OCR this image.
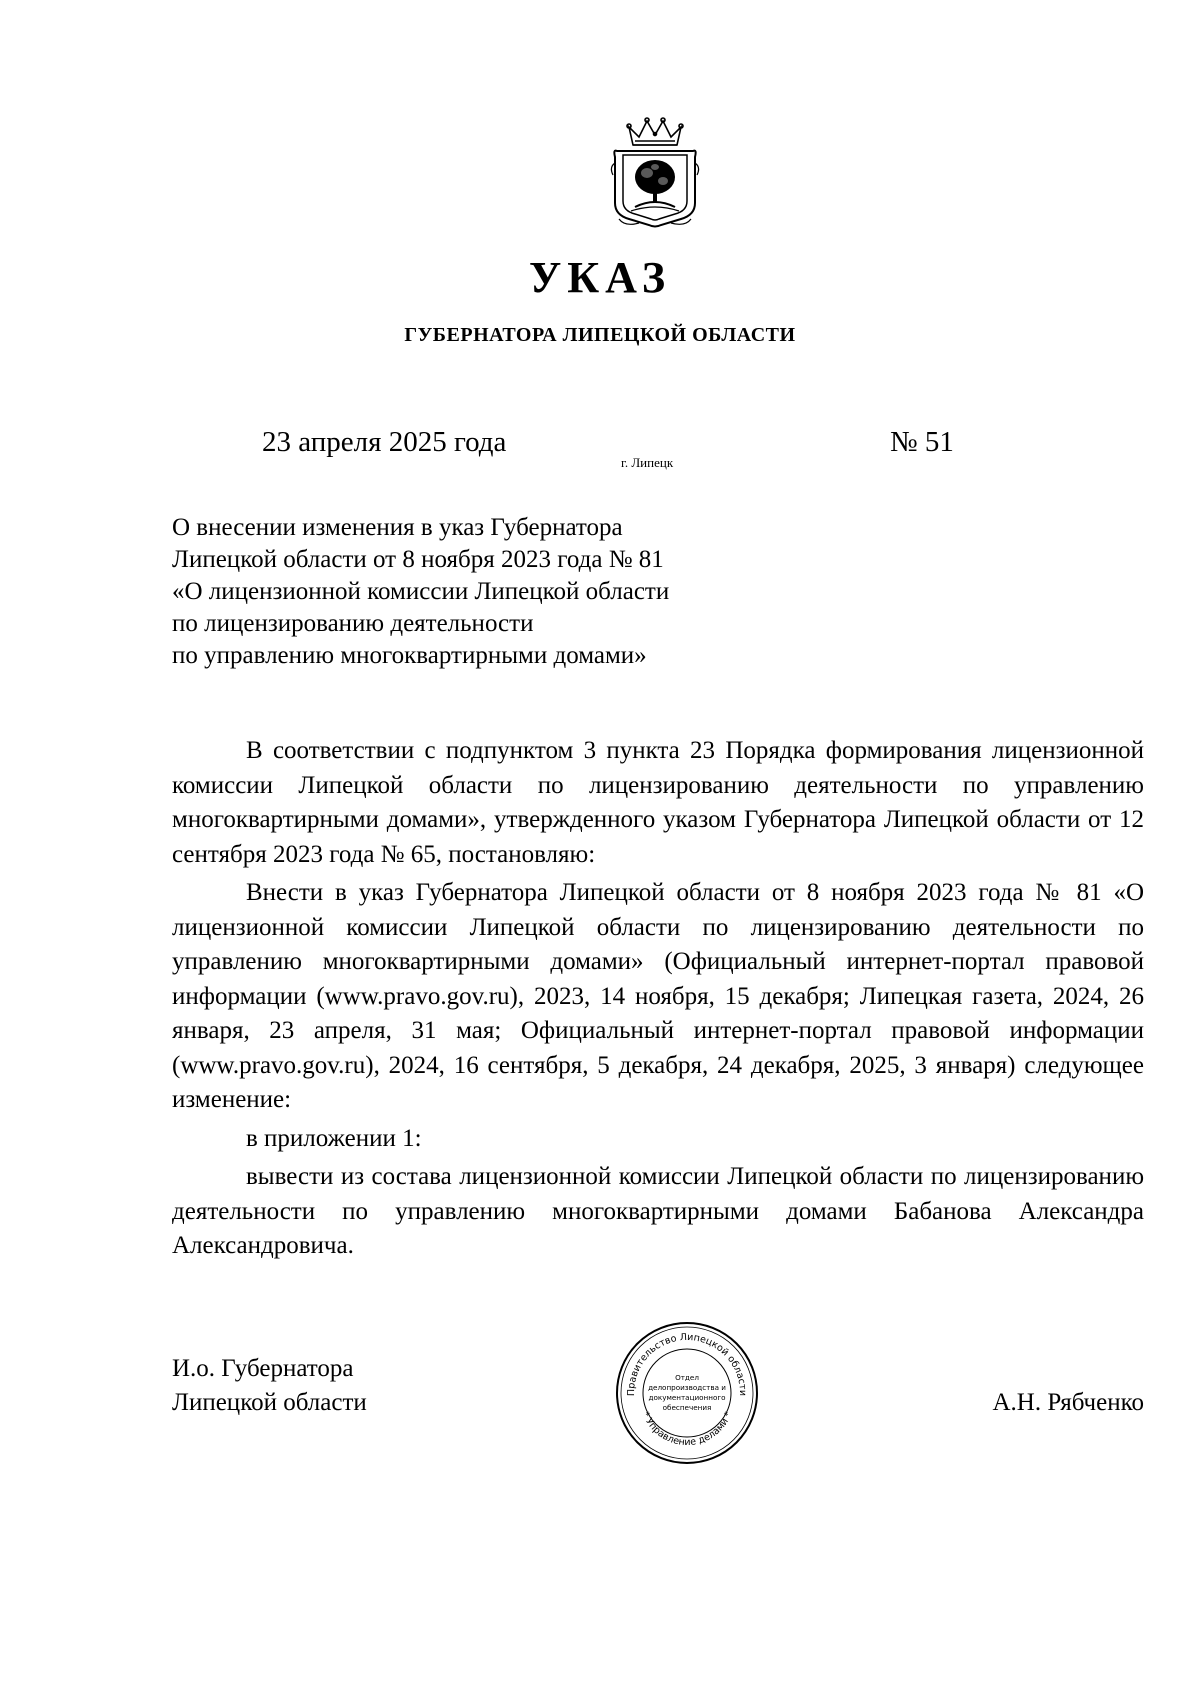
УКАЗ
ГУБЕРНАТОРА ЛИПЕЦКОЙ ОБЛАСТИ
23 апреля 2025 года
г. Липецк
№ 51
О внесении изменения в указ Губернатора
Липецкой области от 8 ноября 2023 года № 81
«О лицензионной комиссии Липецкой области
по лицензированию деятельности
по управлению многоквартирными домами»

В соответствии с подпунктом 3 пункта 23 Порядка формирования лицензионной комиссии Липецкой области по лицензированию деятельности по управлению многоквартирными домами», утвержденного указом Губернатора Липецкой области от 12 сентября 2023 года № 65, постановляю:

Внести в указ Губернатора Липецкой области от 8 ноября 2023 года № 81 «О лицензионной комиссии Липецкой области по лицензированию деятельности по управлению многоквартирными домами» (Официальный интернет-портал правовой информации (www.pravo.gov.ru), 2023, 14 ноября, 15 декабря; Липецкая газета, 2024, 26 января, 23 апреля, 31 мая; Официальный интернет-портал правовой информации (www.pravo.gov.ru), 2024, 16 сентября, 5 декабря, 24 декабря, 2025, 3 января) следующее изменение:

в приложении 1:

вывести из состава лицензионной комиссии Липецкой области по лицензированию деятельности по управлению многоквартирными домами Бабанова Александра Александровича.

И.о. Губернатора
Липецкой области	Правительство Липецкой области
* Управление делами *
Отдел
делопроизводства и
документационного
обеспечения	А.Н. Рябченко
